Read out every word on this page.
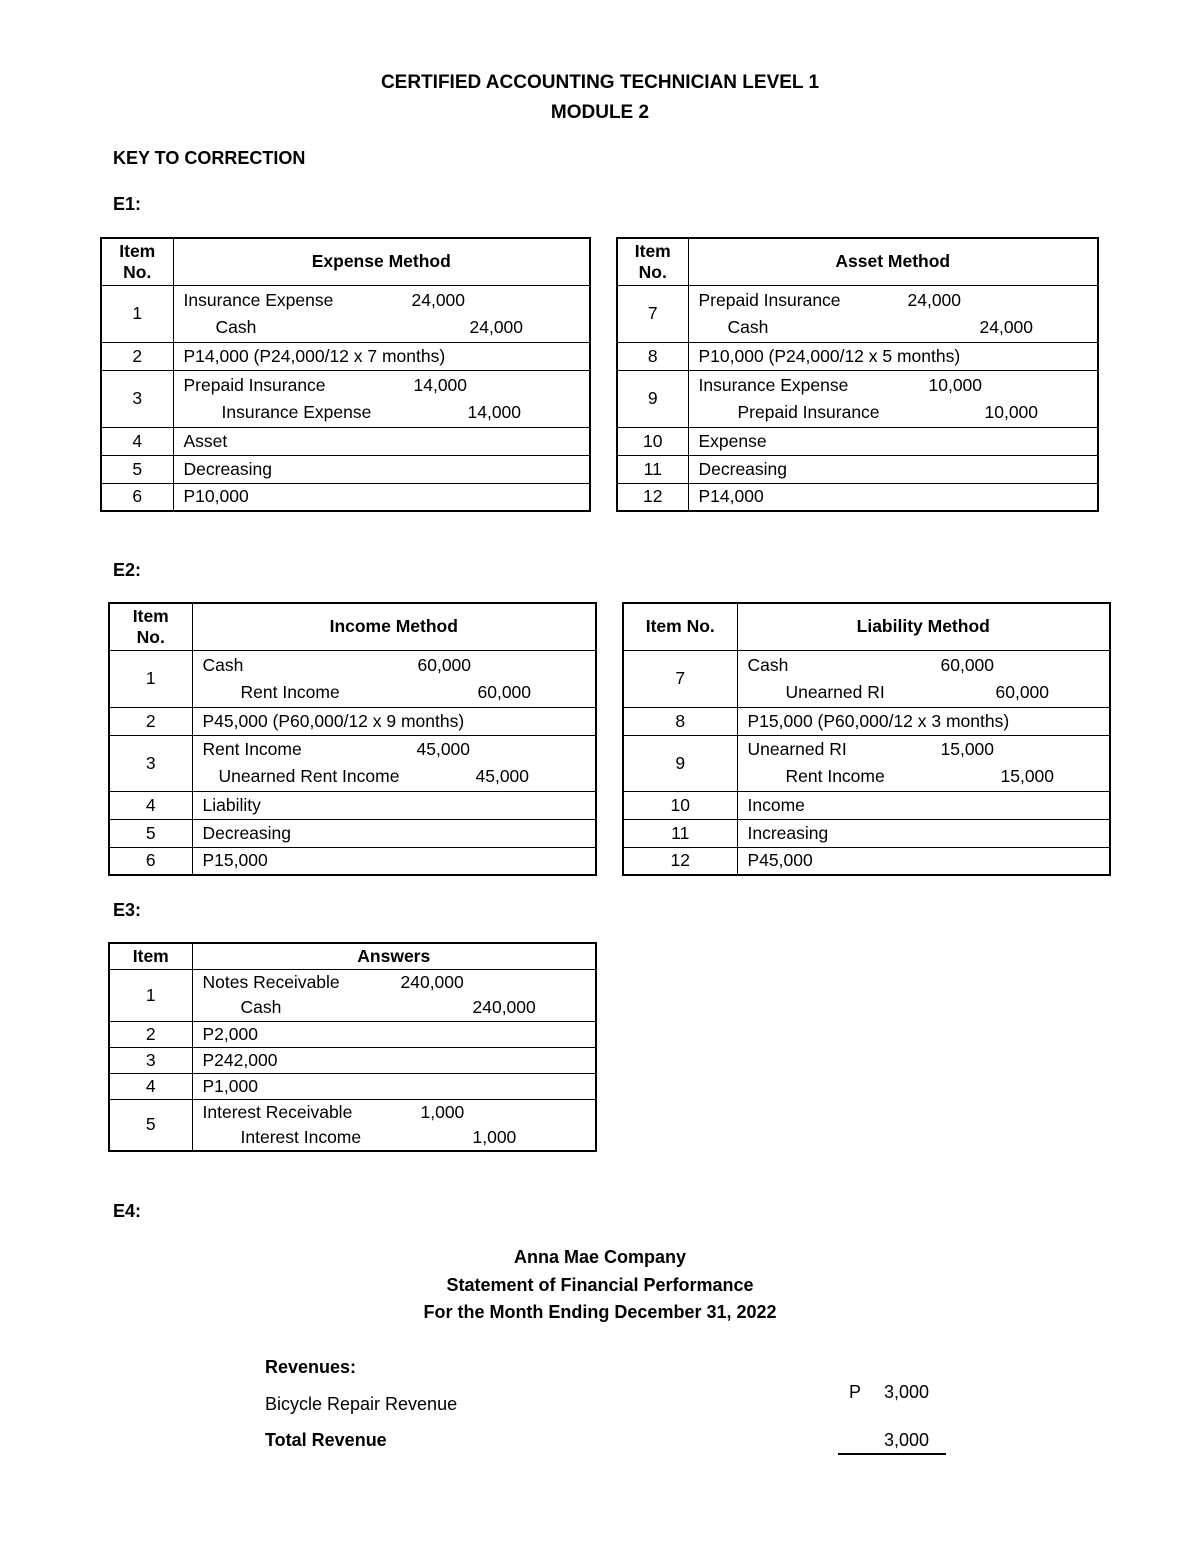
CERTIFIED ACCOUNTING TECHNICIAN LEVEL 1
MODULE 2
KEY TO CORRECTION
E1:
Item No.	Expense Method
1	Insurance Expense 24,000
Cash 24,000

2	P14,000 (P24,000/12 x 7 months)
3	Prepaid Insurance 14,000
Insurance Expense 14,000

4	Asset
5	Decreasing
6	P10,000
Item No.	Asset Method
7	Prepaid Insurance 24,000
Cash 24,000

8	P10,000 (P24,000/12 x 5 months)
9	Insurance Expense 10,000
Prepaid Insurance 10,000

10	Expense
11	Decreasing
12	P14,000
E2:
Item No.	Income Method
1	Cash 60,000
Rent Income 60,000

2	P45,000 (P60,000/12 x 9 months)
3	Rent Income 45,000
Unearned Rent Income 45,000

4	Liability
5	Decreasing
6	P15,000
Item No.	Liability Method
7	Cash 60,000
Unearned RI 60,000

8	P15,000 (P60,000/12 x 3 months)
9	Unearned RI 15,000
Rent Income 15,000

10	Income
11	Increasing
12	P45,000
E3:
Item	Answers
1	Notes Receivable 240,000
Cash 240,000

2	P2,000
3	P242,000
4	P1,000
5	Interest Receivable 1,000
Interest Income 1,000
E4:
Anna Mae Company
Statement of Financial Performance
For the Month Ending December 31, 2022
Revenues:
Bicycle Repair Revenue
P 3,000
Total Revenue	3,000
